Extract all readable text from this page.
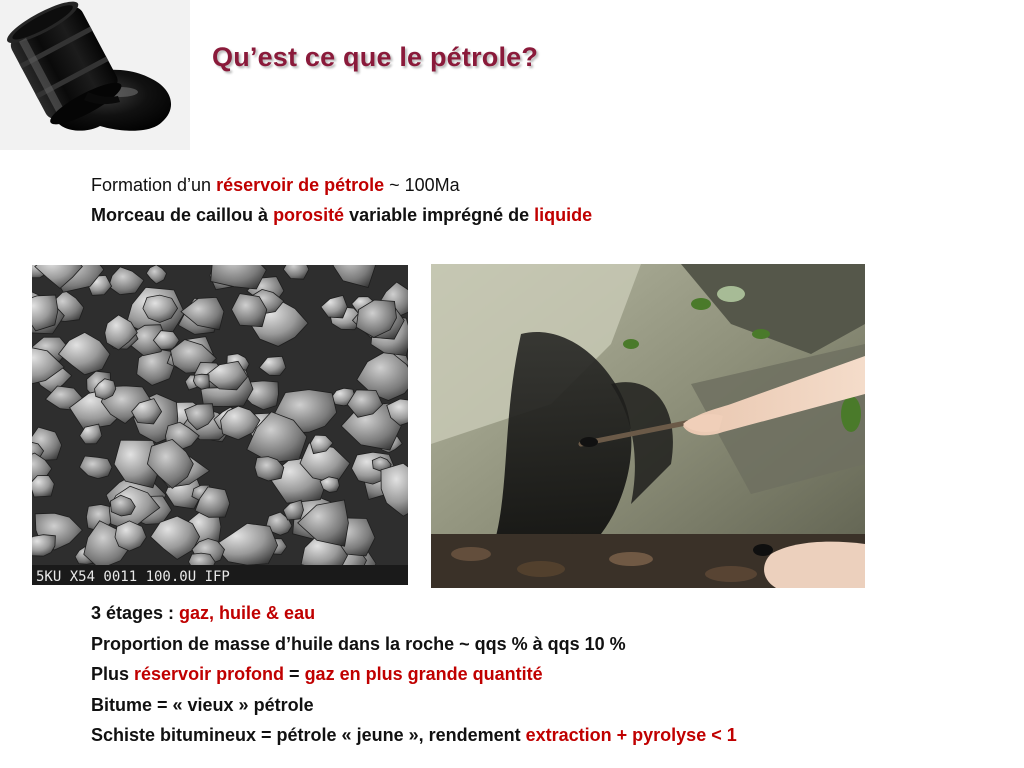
Qu’est ce que le pétrole?
Formation d’un réservoir de pétrole ~ 100Ma
Morceau de caillou à porosité variable imprégné de liquide
5KU X54 0011 100.0U IFP
3 étages : gaz, huile & eau
Proportion de masse d’huile dans la roche ~ qqs % à qqs 10 %
Plus réservoir profond = gaz en plus grande quantité
Bitume = « vieux » pétrole
Schiste bitumineux = pétrole « jeune », rendement extraction + pyrolyse < 1
